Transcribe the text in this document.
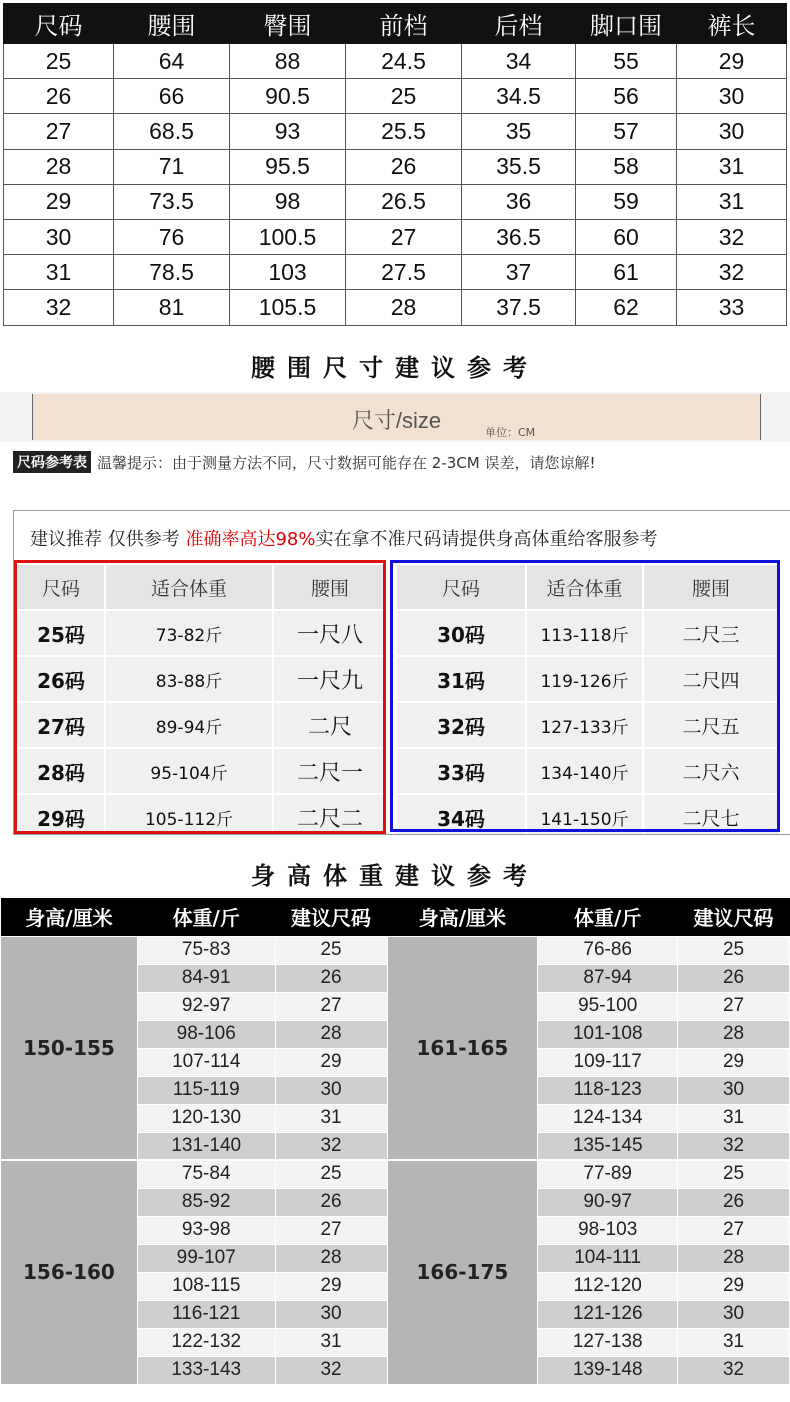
尺码	腰围	臀围	前档	后档	脚口围	裤长
25	64	88	24.5	34	55	29
26	66	90.5	25	34.5	56	30
27	68.5	93	25.5	35	57	30
28	71	95.5	26	35.5	58	31
29	73.5	98	26.5	36	59	31
30	76	100.5	27	36.5	60	32
31	78.5	103	27.5	37	61	32
32	81	105.5	28	37.5	62	33
腰围尺寸建议参考
尺寸/size	单位：CM
尺码参考表 温馨提示：由于测量方法不同，尺寸数据可能存在 2-3CM 误差，请您谅解!
建议推荐 仅供参考 准确率高达98%实在拿不准尺码请提供身高体重给客服参考
尺码	适合体重	腰围
25码	73-82斤	一尺八
26码	83-88斤	一尺九
27码	89-94斤	二尺
28码	95-104斤	二尺一
29码	105-112斤	二尺二
尺码	适合体重	腰围
30码	113-118斤	二尺三
31码	119-126斤	二尺四
32码	127-133斤	二尺五
33码	134-140斤	二尺六
34码	141-150斤	二尺七
身高体重建议参考
身高/厘米	体重/斤	建议尺码	身高/厘米	体重/斤	建议尺码
150-155	75-83	25	161-165	76-86	25
	84-91	26		87-94	26
	92-97	27		95-100	27
	98-106	28		101-108	28
	107-114	29		109-117	29
	115-119	30		118-123	30
	120-130	31		124-134	31
	131-140	32		135-145	32
156-160	75-84	25	166-175	77-89	25
	85-92	26		90-97	26
	93-98	27		98-103	27
	99-107	28		104-111	28
	108-115	29		112-120	29
	116-121	30		121-126	30
	122-132	31		127-138	31
	133-143	32		139-148	32
